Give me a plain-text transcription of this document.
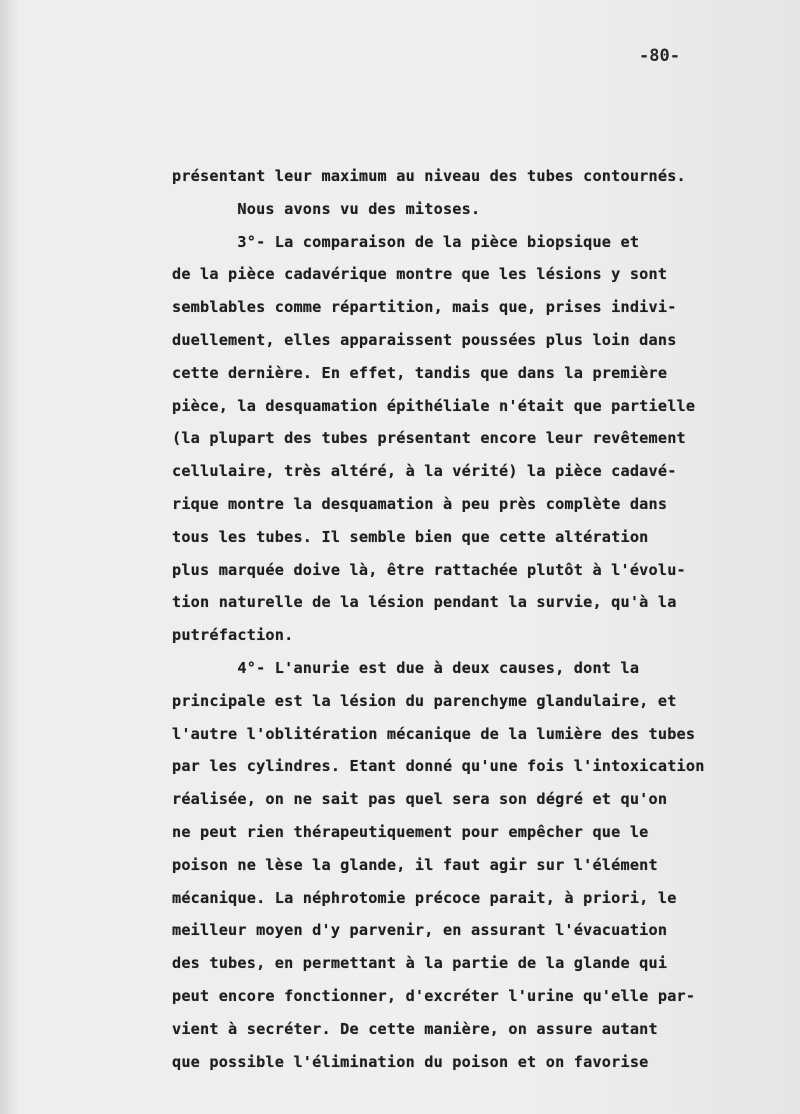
-80-
présentant leur maximum au niveau des tubes contournés.
Nous avons vu des mitoses.
3°- La comparaison de la pièce biopsique et
de la pièce cadavérique montre que les lésions y sont
semblables comme répartition, mais que, prises indivi-
duellement, elles apparaissent poussées plus loin dans
cette dernière. En effet, tandis que dans la première
pièce, la desquamation épithéliale n'était que partielle
(la plupart des tubes présentant encore leur revêtement
cellulaire, très altéré, à la vérité) la pièce cadavé-
rique montre la desquamation à peu près complète dans
tous les tubes. Il semble bien que cette altération
plus marquée doive là, être rattachée plutôt à l'évolu-
tion naturelle de la lésion pendant la survie, qu'à la
putréfaction.
4°- L'anurie est due à deux causes, dont la
principale est la lésion du parenchyme glandulaire, et
l'autre l'oblitération mécanique de la lumière des tubes
par les cylindres. Etant donné qu'une fois l'intoxication
réalisée, on ne sait pas quel sera son dégré et qu'on
ne peut rien thérapeutiquement pour empêcher que le
poison ne lèse la glande, il faut agir sur l'élément
mécanique. La néphrotomie précoce parait, à priori, le
meilleur moyen d'y parvenir, en assurant l'évacuation
des tubes, en permettant à la partie de la glande qui
peut encore fonctionner, d'excréter l'urine qu'elle par-
vient à secréter. De cette manière, on assure autant
que possible l'élimination du poison et on favorise
